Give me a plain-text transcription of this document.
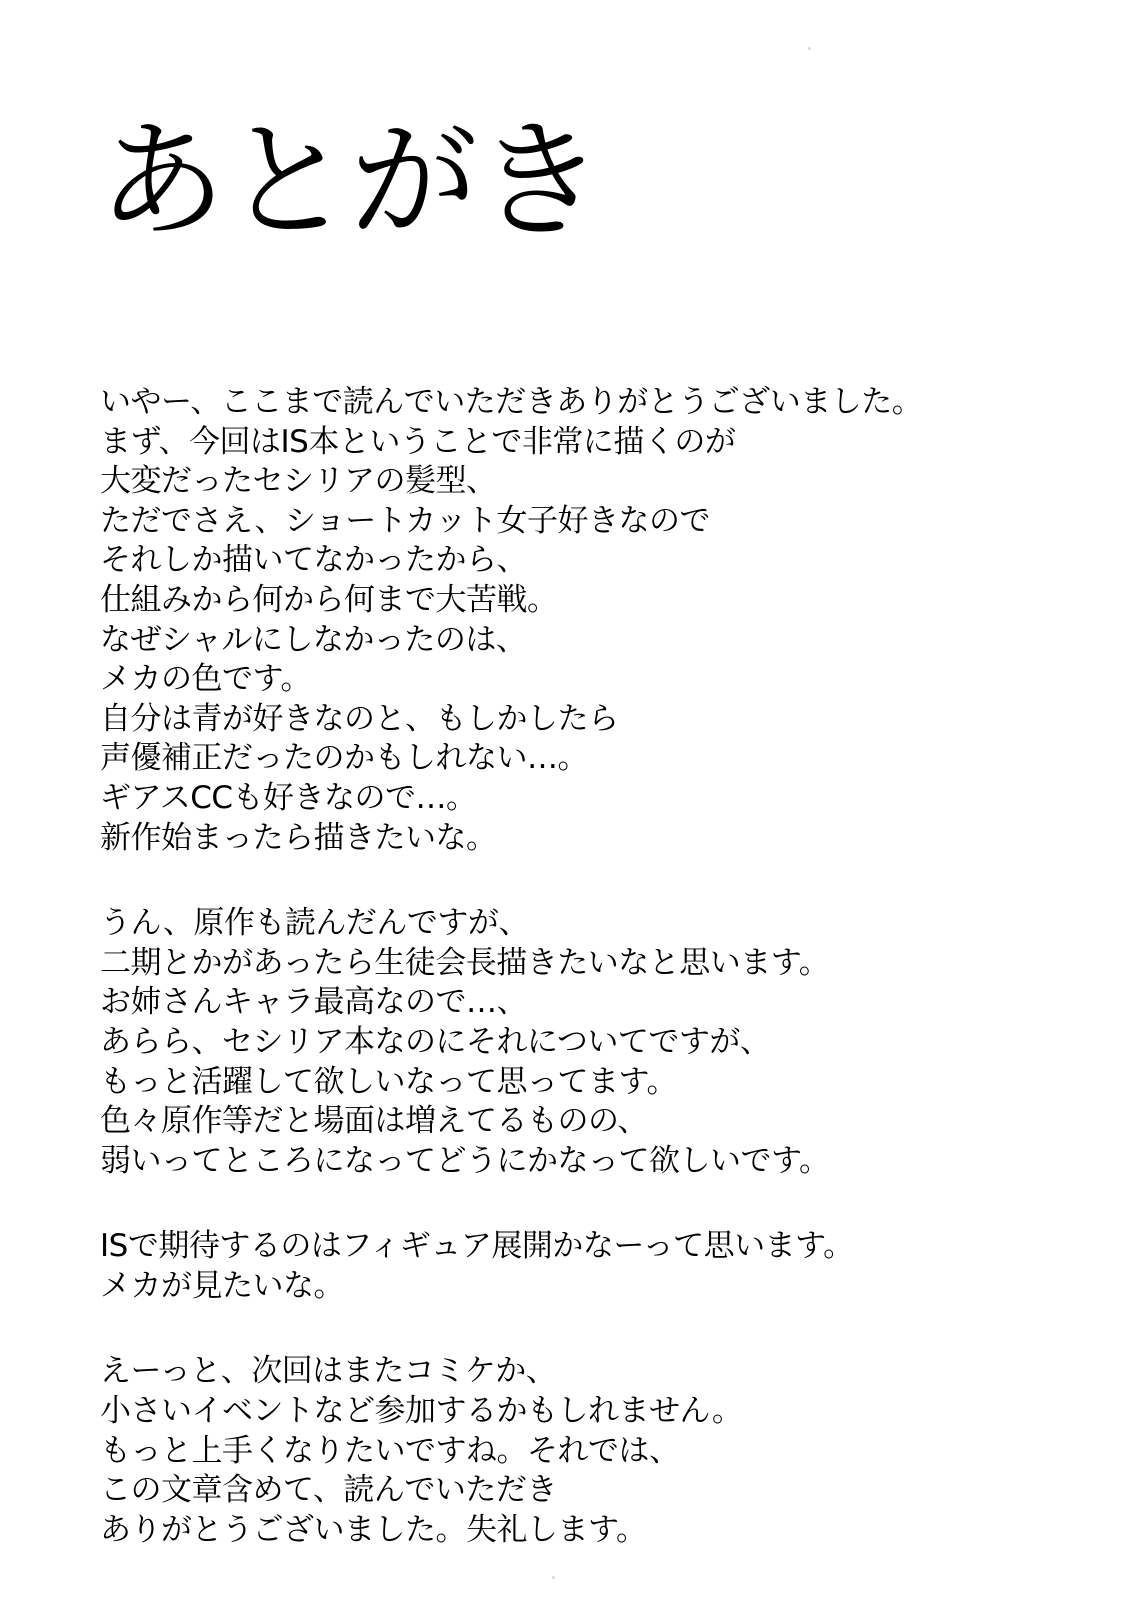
あとがき

いやー、ここまで読んでいただきありがとうございました。
まず、今回はIS本ということで非常に描くのが
大変だったセシリアの髪型、
ただでさえ、ショートカット女子好きなので
それしか描いてなかったから、
仕組みから何から何まで大苦戦。
なぜシャルにしなかったのは、
メカの色です。
自分は青が好きなのと、もしかしたら
声優補正だったのかもしれない…。
ギアスCCも好きなので…。
新作始まったら描きたいな。

うん、原作も読んだんですが、
二期とかがあったら生徒会長描きたいなと思います。
お姉さんキャラ最高なので…、
あらら、セシリア本なのにそれについてですが、
もっと活躍して欲しいなって思ってます。
色々原作等だと場面は増えてるものの、
弱いってところになってどうにかなって欲しいです。

ISで期待するのはフィギュア展開かなーって思います。
メカが見たいな。

えーっと、次回はまたコミケか、
小さいイベントなど参加するかもしれません。
もっと上手くなりたいですね。それでは、
この文章含めて、読んでいただき
ありがとうございました。失礼します。
